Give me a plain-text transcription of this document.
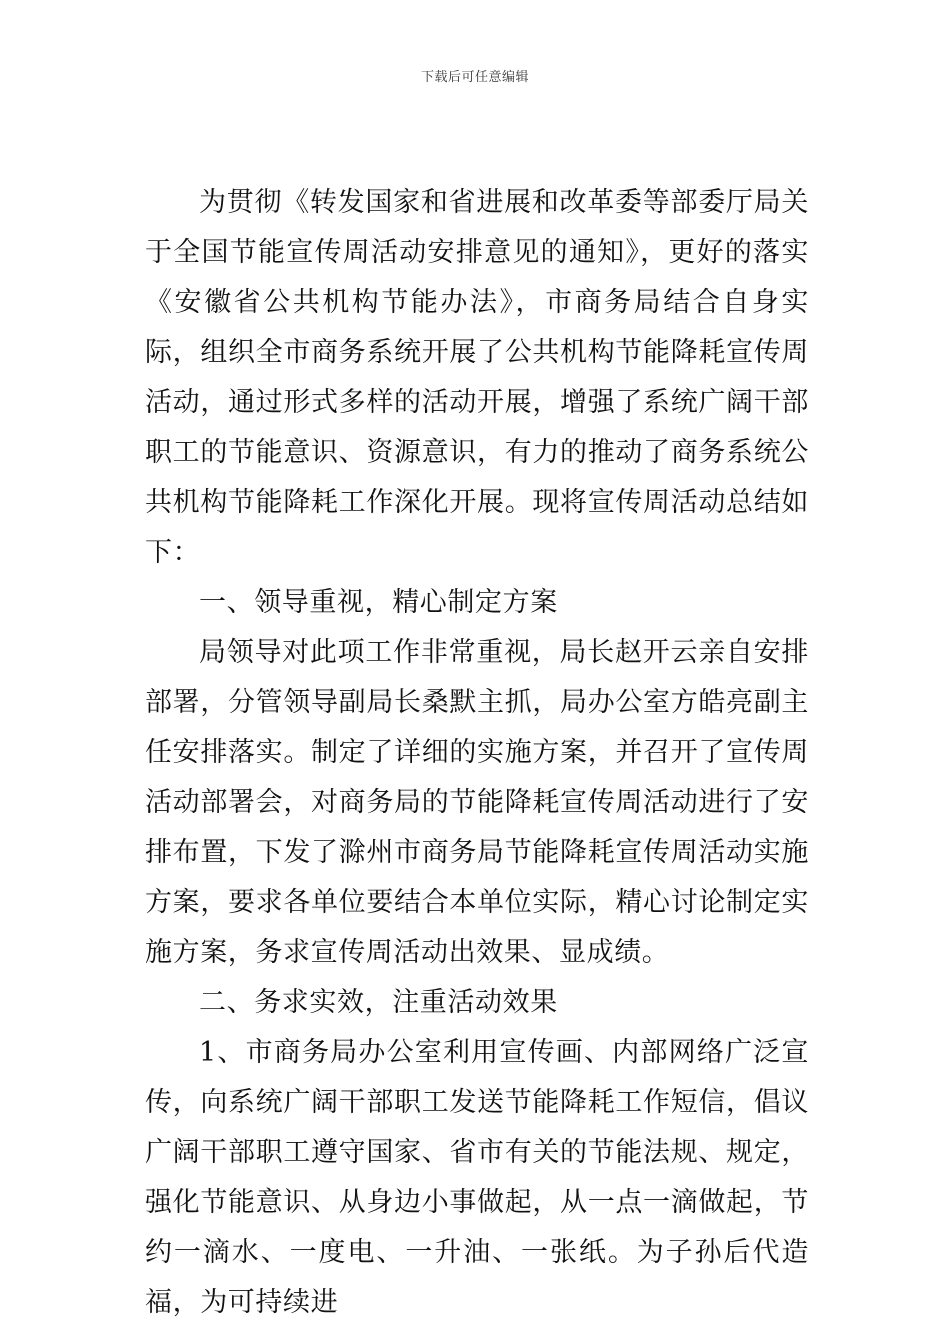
下载后可任意编辑

为贯彻《转发国家和省进展和改革委等部委厅局关于全国节能宣传周活动安排意见的通知》，更好的落实《安徽省公共机构节能办法》，市商务局结合自身实际，组织全市商务系统开展了公共机构节能降耗宣传周活动，通过形式多样的活动开展，增强了系统广阔干部职工的节能意识、资源意识，有力的推动了商务系统公共机构节能降耗工作深化开展。现将宣传周活动总结如下：

一、领导重视，精心制定方案

局领导对此项工作非常重视，局长赵开云亲自安排部署，分管领导副局长桑默主抓，局办公室方皓亮副主任安排落实。制定了详细的实施方案，并召开了宣传周活动部署会，对商务局的节能降耗宣传周活动进行了安排布置，下发了滁州市商务局节能降耗宣传周活动实施方案，要求各单位要结合本单位实际，精心讨论制定实施方案，务求宣传周活动出效果、显成绩。

二、务求实效，注重活动效果

1、市商务局办公室利用宣传画、内部网络广泛宣传，向系统广阔干部职工发送节能降耗工作短信，倡议广阔干部职工遵守国家、省市有关的节能法规、规定，强化节能意识、从身边小事做起，从一点一滴做起，节约一滴水、一度电、一升油、一张纸。为子孙后代造福，为可持续进
